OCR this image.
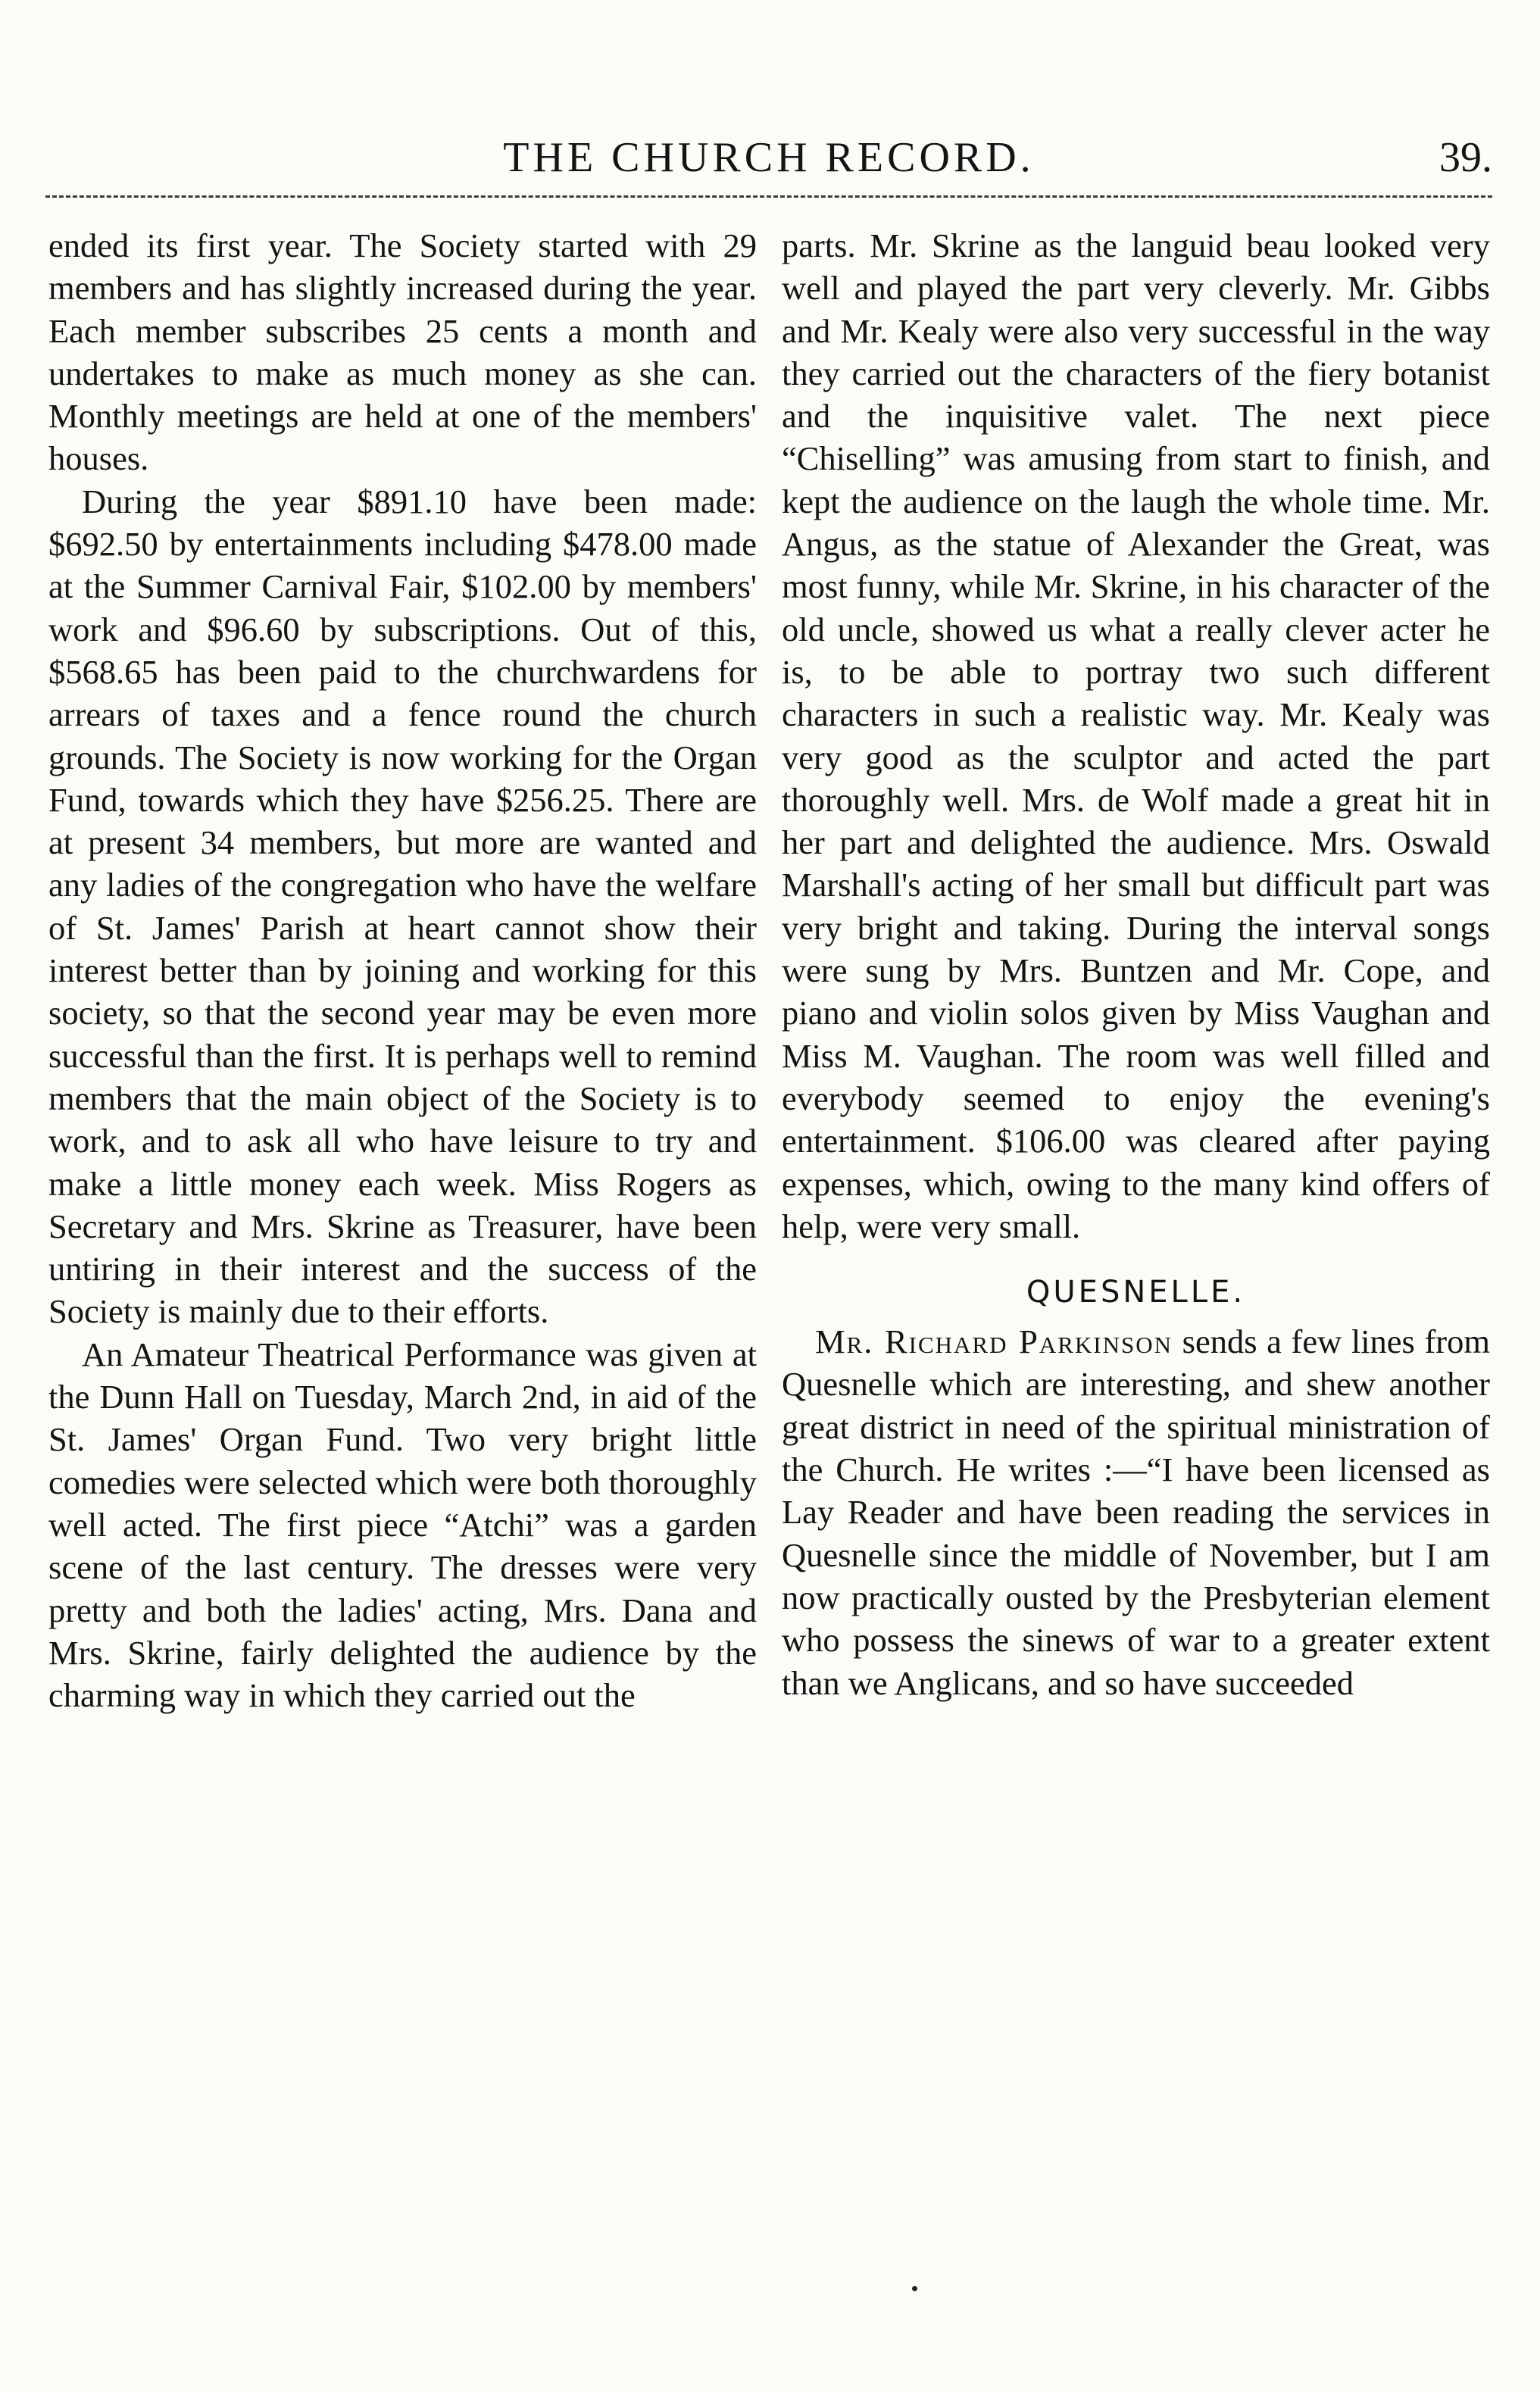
THE CHURCH RECORD.	39.

ended its first year. The Society started with 29 members and has slightly increased during the year. Each member subscribes 25 cents a month and undertakes to make as much money as she can. Monthly meetings are held at one of the members' houses.

During the year $891.10 have been made: $692.50 by entertainments including $478.00 made at the Summer Carnival Fair, $102.00 by members' work and $96.60 by subscriptions. Out of this, $568.65 has been paid to the churchwardens for arrears of taxes and a fence round the church grounds. The Society is now working for the Organ Fund, towards which they have $256.25. There are at present 34 members, but more are wanted and any ladies of the congregation who have the welfare of St. James' Parish at heart cannot show their interest better than by joining and working for this society, so that the second year may be even more successful than the first. It is perhaps well to remind members that the main object of the Society is to work, and to ask all who have leisure to try and make a little money each week. Miss Rogers as Secretary and Mrs. Skrine as Treasurer, have been untiring in their interest and the success of the Society is mainly due to their efforts.

An Amateur Theatrical Performance was given at the Dunn Hall on Tuesday, March 2nd, in aid of the St. James' Organ Fund. Two very bright little comedies were selected which were both thoroughly well acted. The first piece “Atchi” was a garden scene of the last century. The dresses were very pretty and both the ladies' acting, Mrs. Dana and Mrs. Skrine, fairly delighted the audience by the charming way in which they carried out the

parts. Mr. Skrine as the languid beau looked very well and played the part very cleverly. Mr. Gibbs and Mr. Kealy were also very successful in the way they carried out the characters of the fiery botanist and the inquisitive valet. The next piece “Chiselling” was amusing from start to finish, and kept the audience on the laugh the whole time. Mr. Angus, as the statue of Alexander the Great, was most funny, while Mr. Skrine, in his character of the old uncle, showed us what a really clever acter he is, to be able to portray two such different characters in such a realistic way. Mr. Kealy was very good as the sculptor and acted the part thoroughly well. Mrs. de Wolf made a great hit in her part and delighted the audience. Mrs. Oswald Marshall's acting of her small but difficult part was very bright and taking. During the interval songs were sung by Mrs. Buntzen and Mr. Cope, and piano and violin solos given by Miss Vaughan and Miss M. Vaughan. The room was well filled and everybody seemed to enjoy the evening's entertainment. $106.00 was cleared after paying expenses, which, owing to the many kind offers of help, were very small.

QUESNELLE.

Mr. Richard Parkinson sends a few lines from Quesnelle which are interesting, and shew another great district in need of the spiritual ministration of the Church. He writes :—“I have been licensed as Lay Reader and have been reading the services in Quesnelle since the middle of November, but I am now practically ousted by the Presbyterian element who possess the sinews of war to a greater extent than we Anglicans, and so have succeeded
